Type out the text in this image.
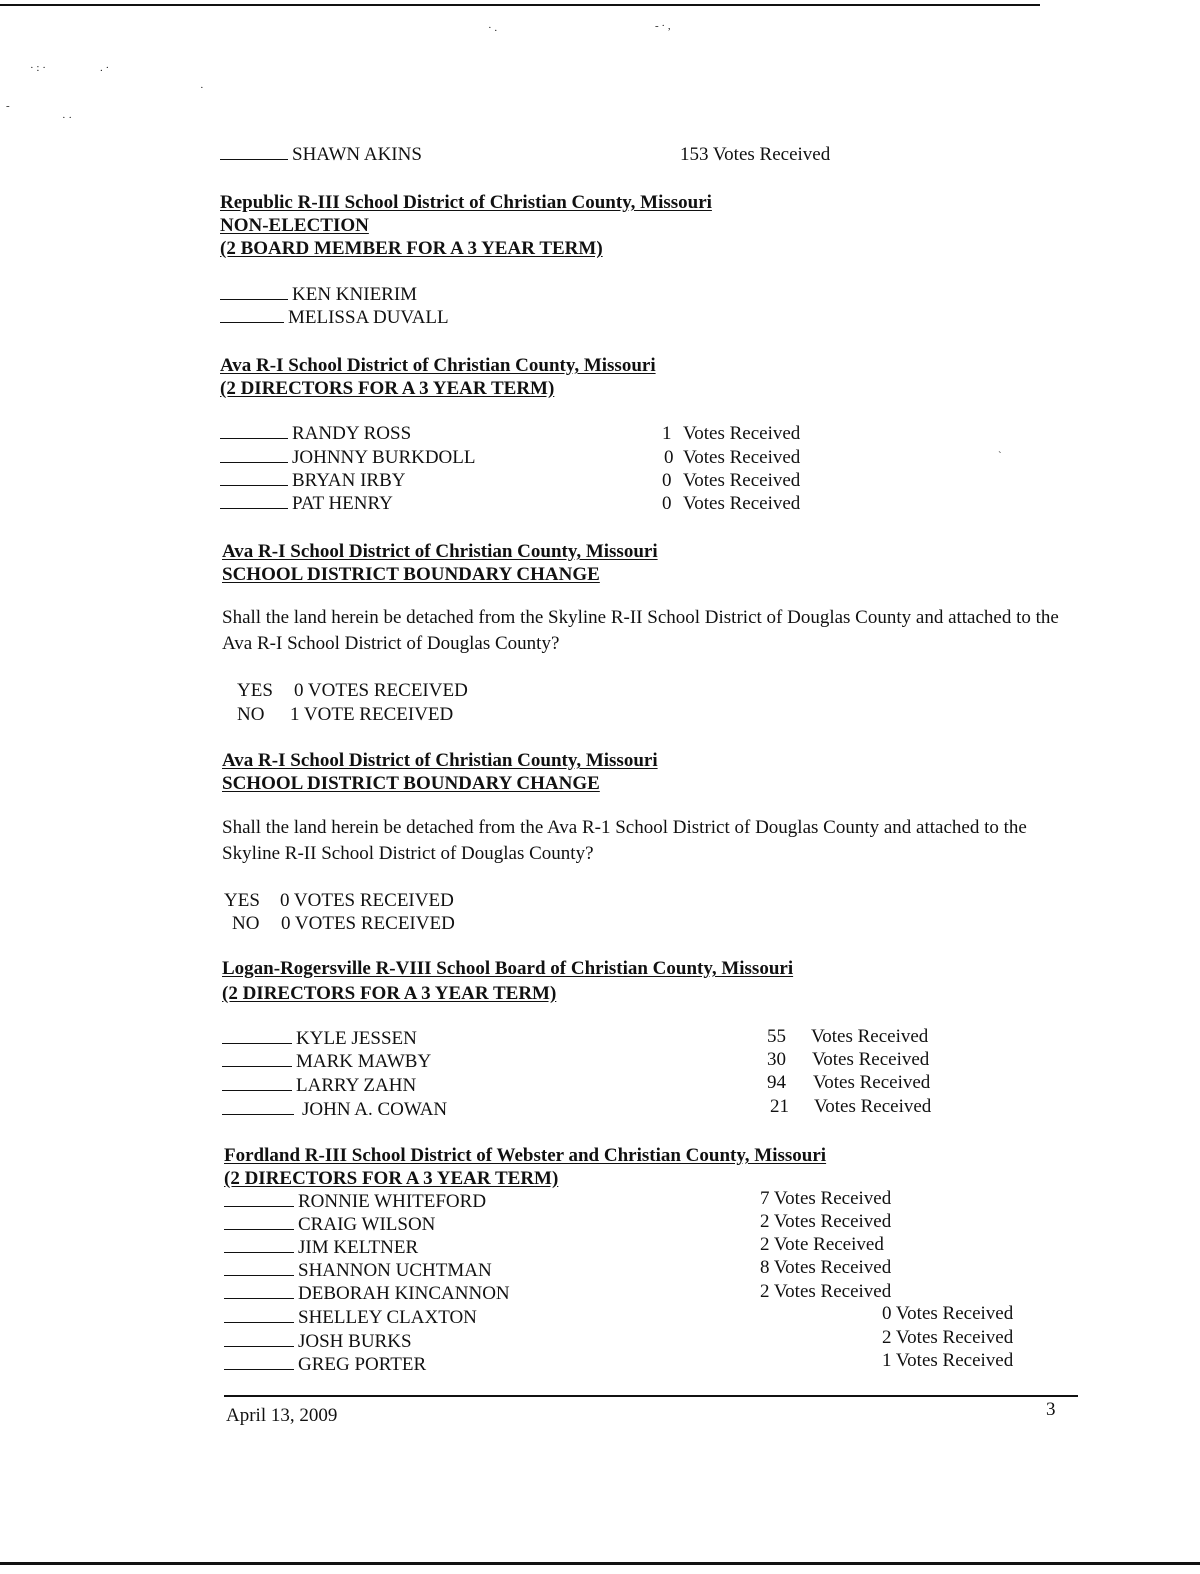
· .	- · ,
· : ·	. ·
-
· ·
·
SHAWN AKINS	153 Votes Received
Republic R-III School District of Christian County, Missouri
NON-ELECTION
(2 BOARD MEMBER FOR A 3 YEAR TERM)
KEN KNIERIM
MELISSA DUVALL
Ava R-I School District of Christian County, Missouri
(2 DIRECTORS FOR A 3 YEAR TERM)
RANDY ROSS	1 Votes Received
JOHNNY BURKDOLL	0 Votes Received
BRYAN IRBY	0 Votes Received
PAT HENRY	0 Votes Received
`
Ava R-I School District of Christian County, Missouri
SCHOOL DISTRICT BOUNDARY CHANGE
Shall the land herein be detached from the Skyline R-II School District of Douglas County and attached to the Ava R-I School District of Douglas County?
YES 0 VOTES RECEIVED
NO 1 VOTE RECEIVED
Ava R-I School District of Christian County, Missouri
SCHOOL DISTRICT BOUNDARY CHANGE
Shall the land herein be detached from the Ava R-1 School District of Douglas County and attached to the Skyline R-II School District of Douglas County?
YES 0 VOTES RECEIVED
NO 0 VOTES RECEIVED
Logan-Rogersville R-VIII School Board of Christian County, Missouri
(2 DIRECTORS FOR A 3 YEAR TERM)
KYLE JESSEN	55 Votes Received
MARK MAWBY	30 Votes Received
LARRY ZAHN	94 Votes Received
JOHN A. COWAN	21 Votes Received
Fordland R-III School District of Webster and Christian County, Missouri
(2 DIRECTORS FOR A 3 YEAR TERM)
RONNIE WHITEFORD	7 Votes Received
CRAIG WILSON	2 Votes Received
JIM KELTNER	2 Vote Received
SHANNON UCHTMAN	8 Votes Received
DEBORAH KINCANNON	2 Votes Received
SHELLEY CLAXTON	0 Votes Received
JOSH BURKS	2 Votes Received
GREG PORTER	1 Votes Received
April 13, 2009	3
